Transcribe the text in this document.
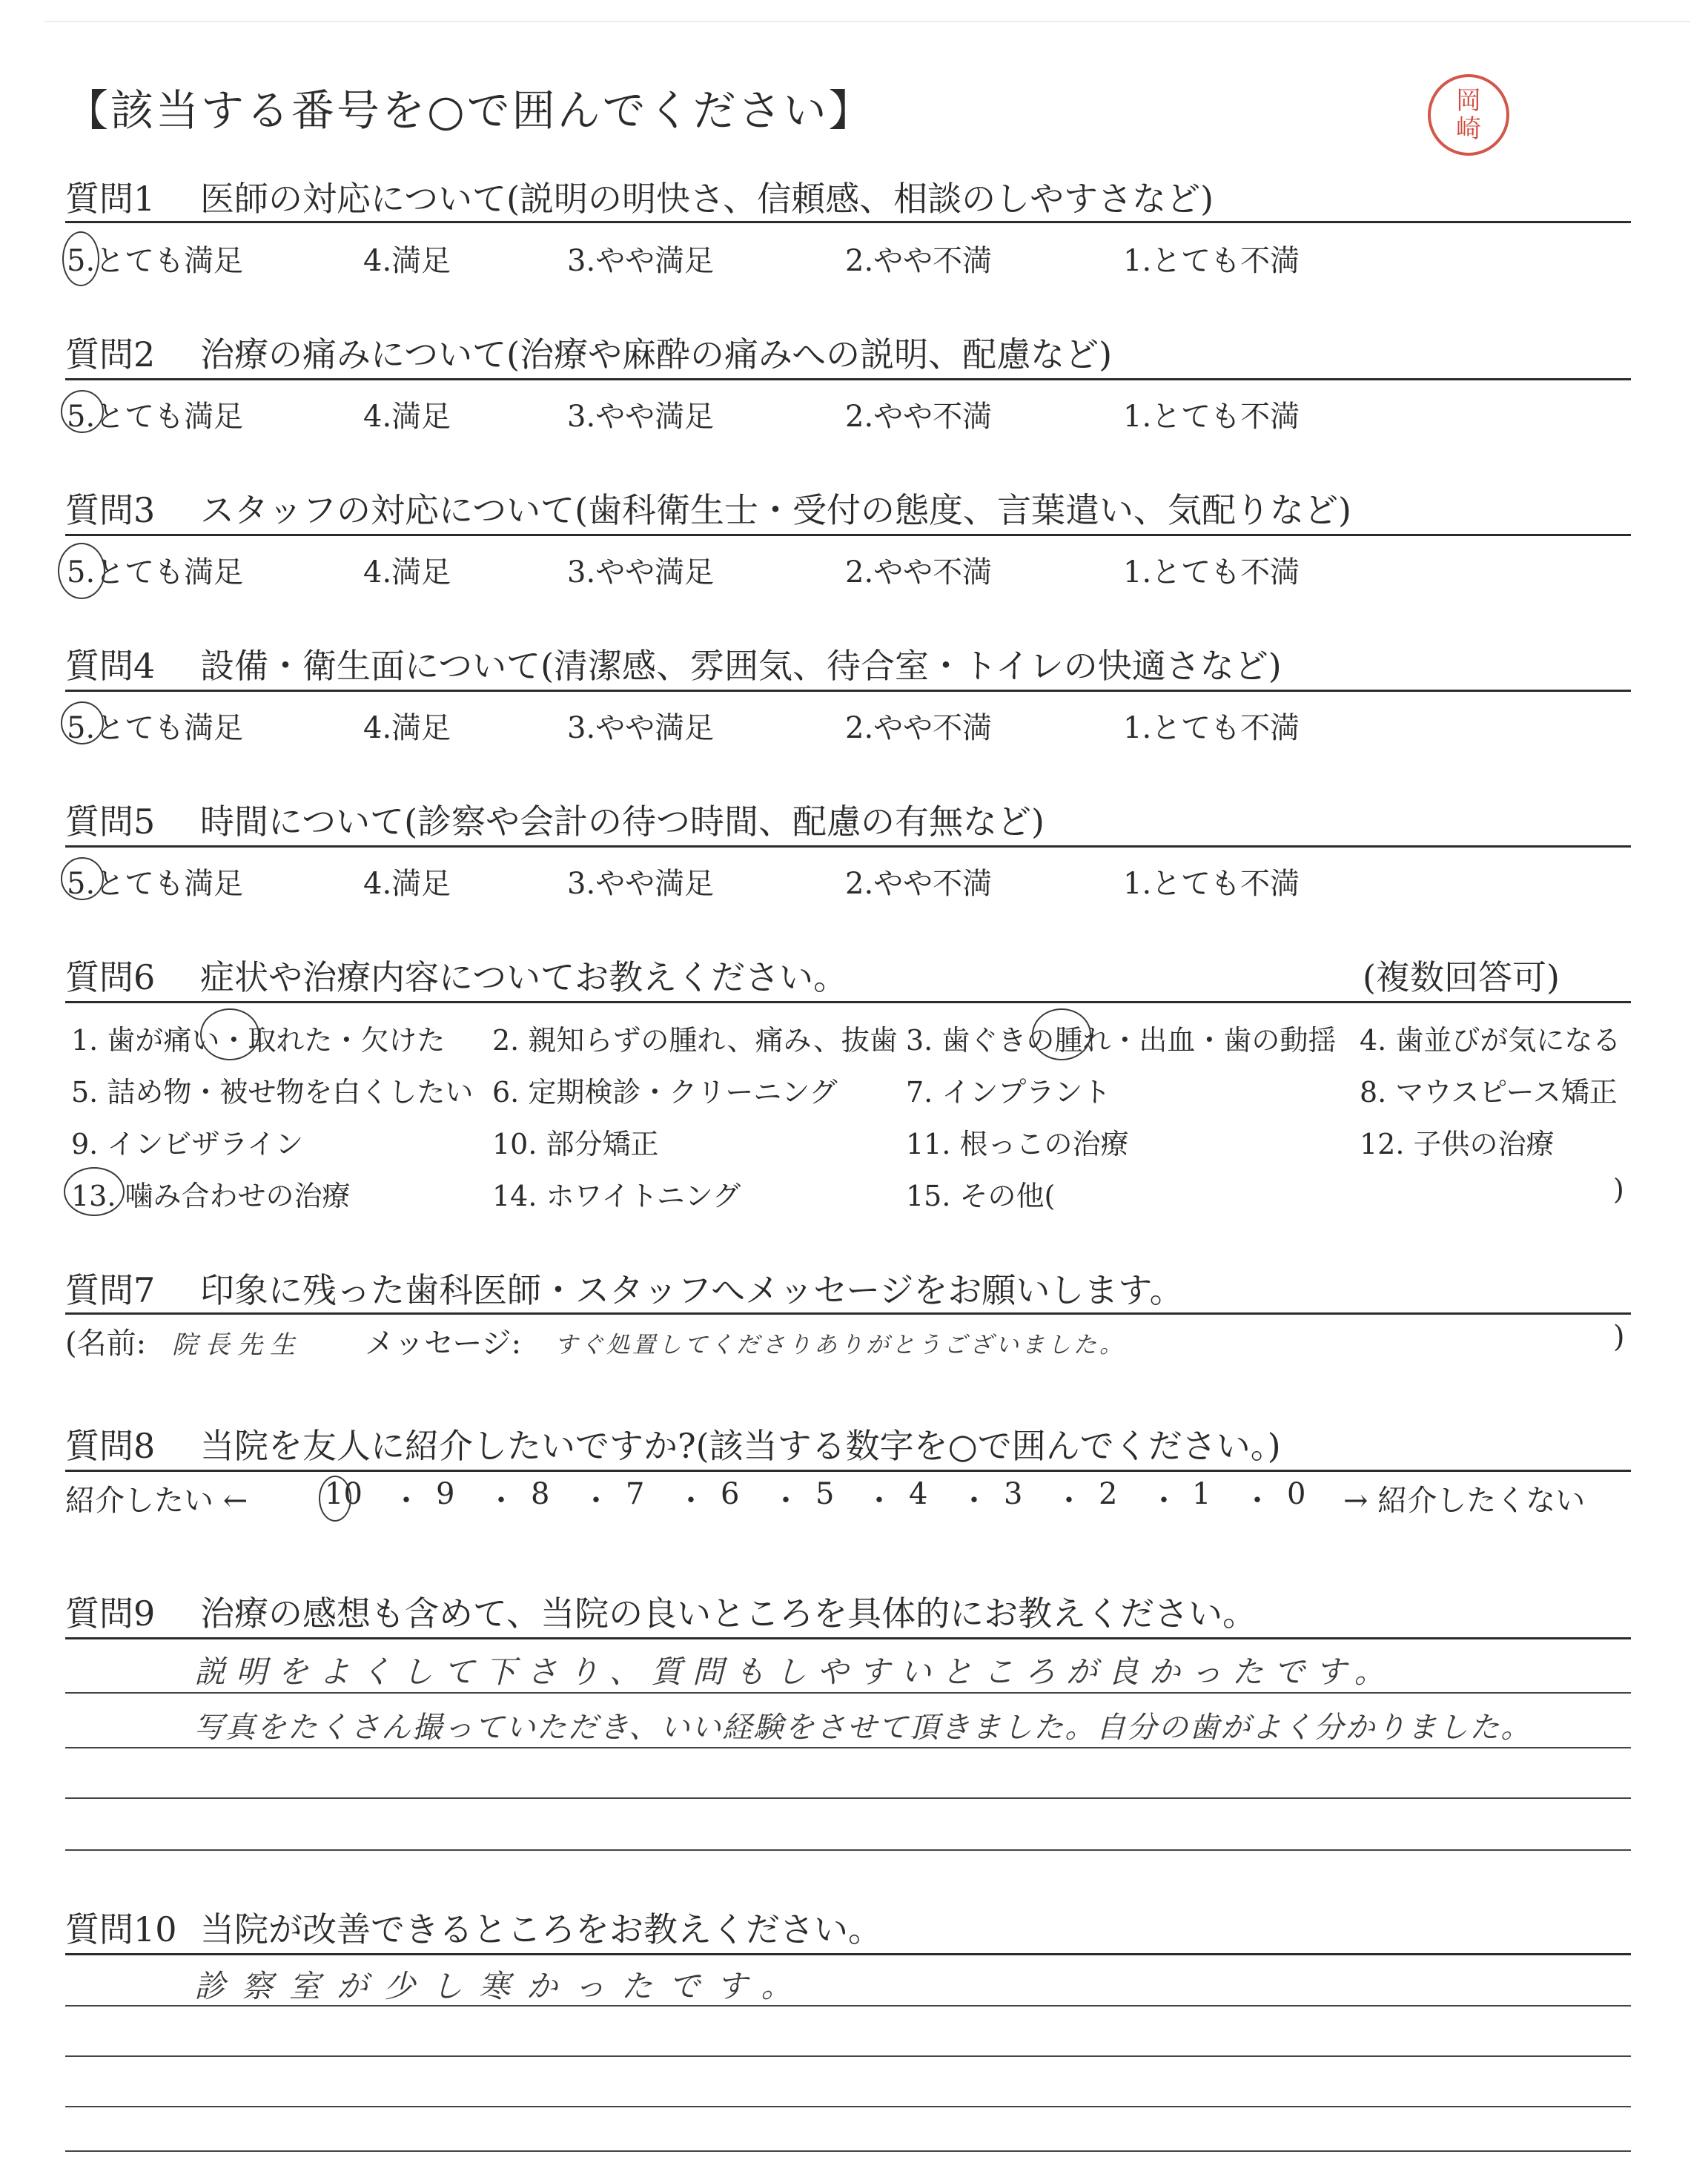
【該当する番号を○で囲んでください】	岡
崎
質問1 医師の対応について(説明の明快さ、信頼感、相談のしやすさなど)
5.とても満足	4.満足	3.やや満足	2.やや不満	1.とても不満
質問2 治療の痛みについて(治療や麻酔の痛みへの説明、配慮など)
5.とても満足	4.満足	3.やや満足	2.やや不満	1.とても不満
質問3 スタッフの対応について(歯科衛生士・受付の態度、言葉遣い、気配りなど)
5.とても満足	4.満足	3.やや満足	2.やや不満	1.とても不満
質問4 設備・衛生面について(清潔感、雰囲気、待合室・トイレの快適さなど)
5.とても満足	4.満足	3.やや満足	2.やや不満	1.とても不満
質問5 時間について(診察や会計の待つ時間、配慮の有無など)
5.とても満足	4.満足	3.やや満足	2.やや不満	1.とても不満
質問6 症状や治療内容についてお教えください。	(複数回答可)
1. 歯が痛い・取れた・欠けた 2. 親知らずの腫れ、痛み、抜歯 3. 歯ぐきの腫れ・出血・歯の動揺 4. 歯並びが気になる
5. 詰め物・被せ物を白くしたい 6. 定期検診・クリーニング 7. インプラント	8. マウスピース矯正
9. インビザライン	10. 部分矯正	11. 根っこの治療	12. 子供の治療
13. 噛み合わせの治療	14. ホワイトニング	15. その他(	)
質問7 印象に残った歯科医師・スタッフへメッセージをお願いします。
(名前: 院長先生 メッセージ: すぐ処置してくださりありがとうございました。	)
質問8 当院を友人に紹介したいですか?(該当する数字を○で囲んでください。)
紹介したい ←	→ 紹介したくない
10 ・ 9 ・ 8 ・ 7 ・ 6 ・ 5 ・ 4 ・ 3 ・ 2 ・ 1 ・ 0
質問9 治療の感想も含めて、当院の良いところを具体的にお教えください。
説明をよくして下さり、質問もしやすいところが良かったです。
写真をたくさん撮っていただき、いい経験をさせて頂きました。自分の歯がよく分かりました。
質問10 当院が改善できるところをお教えください。
診察室が少し寒かったです。
